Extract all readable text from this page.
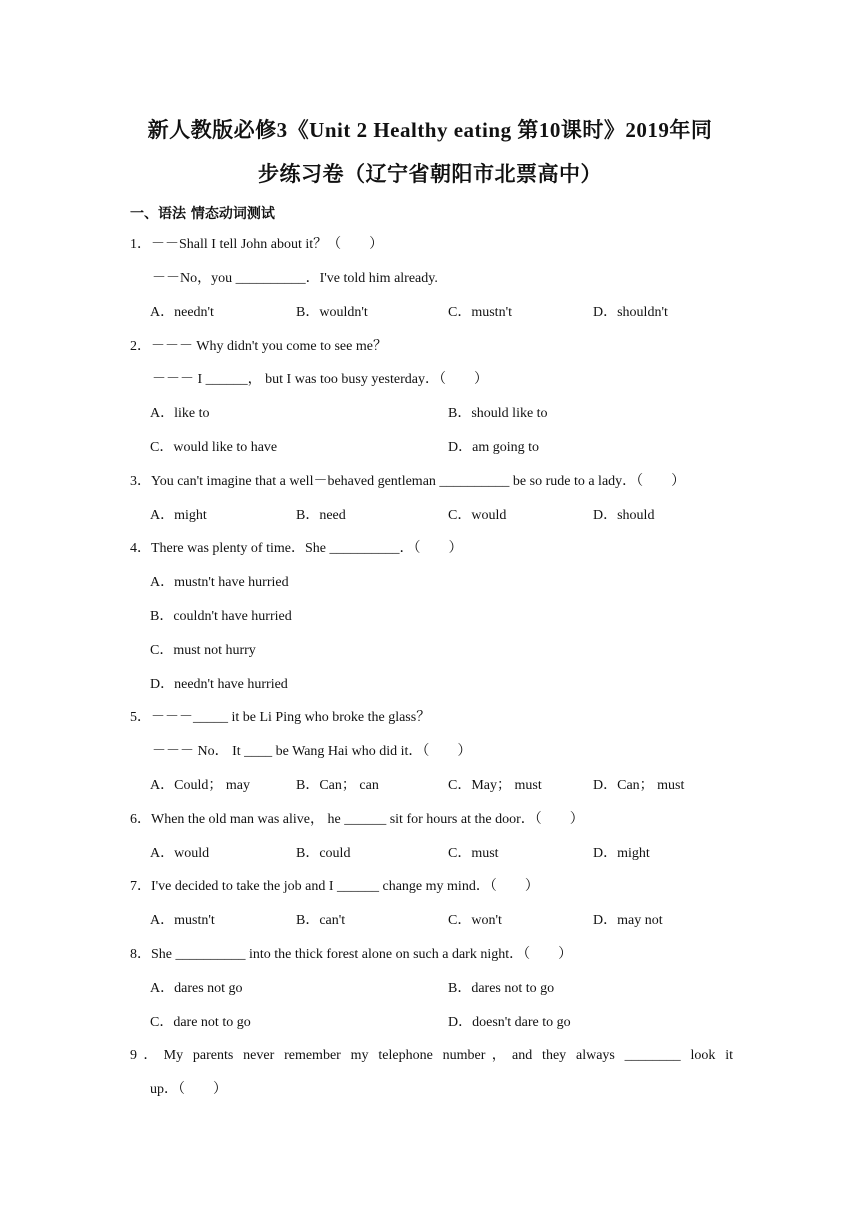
新人教版必修3《Unit 2 Healthy eating 第10课时》2019年同
步练习卷（辽宁省朝阳市北票高中）
一、语法 情态动词测试
1．－－Shall I tell John about it？（　　）
－－No，you __________．I've told him already.
A．needn't	B．wouldn't	C．mustn't	D．shouldn't
2．－－－ Why didn't you come to see me？
－－－ I ______， but I was too busy yesterday．（　　）
A．like to	B．should like to
C．would like to have	D．am going to
3．You can't imagine that a well－behaved gentleman __________ be so rude to a lady．（　　）
A．might	B．need	C．would	D．should
4．There was plenty of time．She __________．（　　）
A．mustn't have hurried
B．couldn't have hurried
C．must not hurry
D．needn't have hurried
5．－－－_____ it be Li Ping who broke the glass？
－－－ No． It ____ be Wang Hai who did it．（　　）
A．Could； may	B．Can； can	C．May； must	D．Can； must
6．When the old man was alive， he ______ sit for hours at the door．（　　）
A．would	B．could	C．must	D．might
7．I've decided to take the job and I ______ change my mind．（　　）
A．mustn't	B．can't	C．won't	D．may not
8．She __________ into the thick forest alone on such a dark night．（　　）
A．dares not go	B．dares not to go
C．dare not to go	D．doesn't dare to go
9．My parents never remember my telephone number，and they always ________ look it
up．（　　）
